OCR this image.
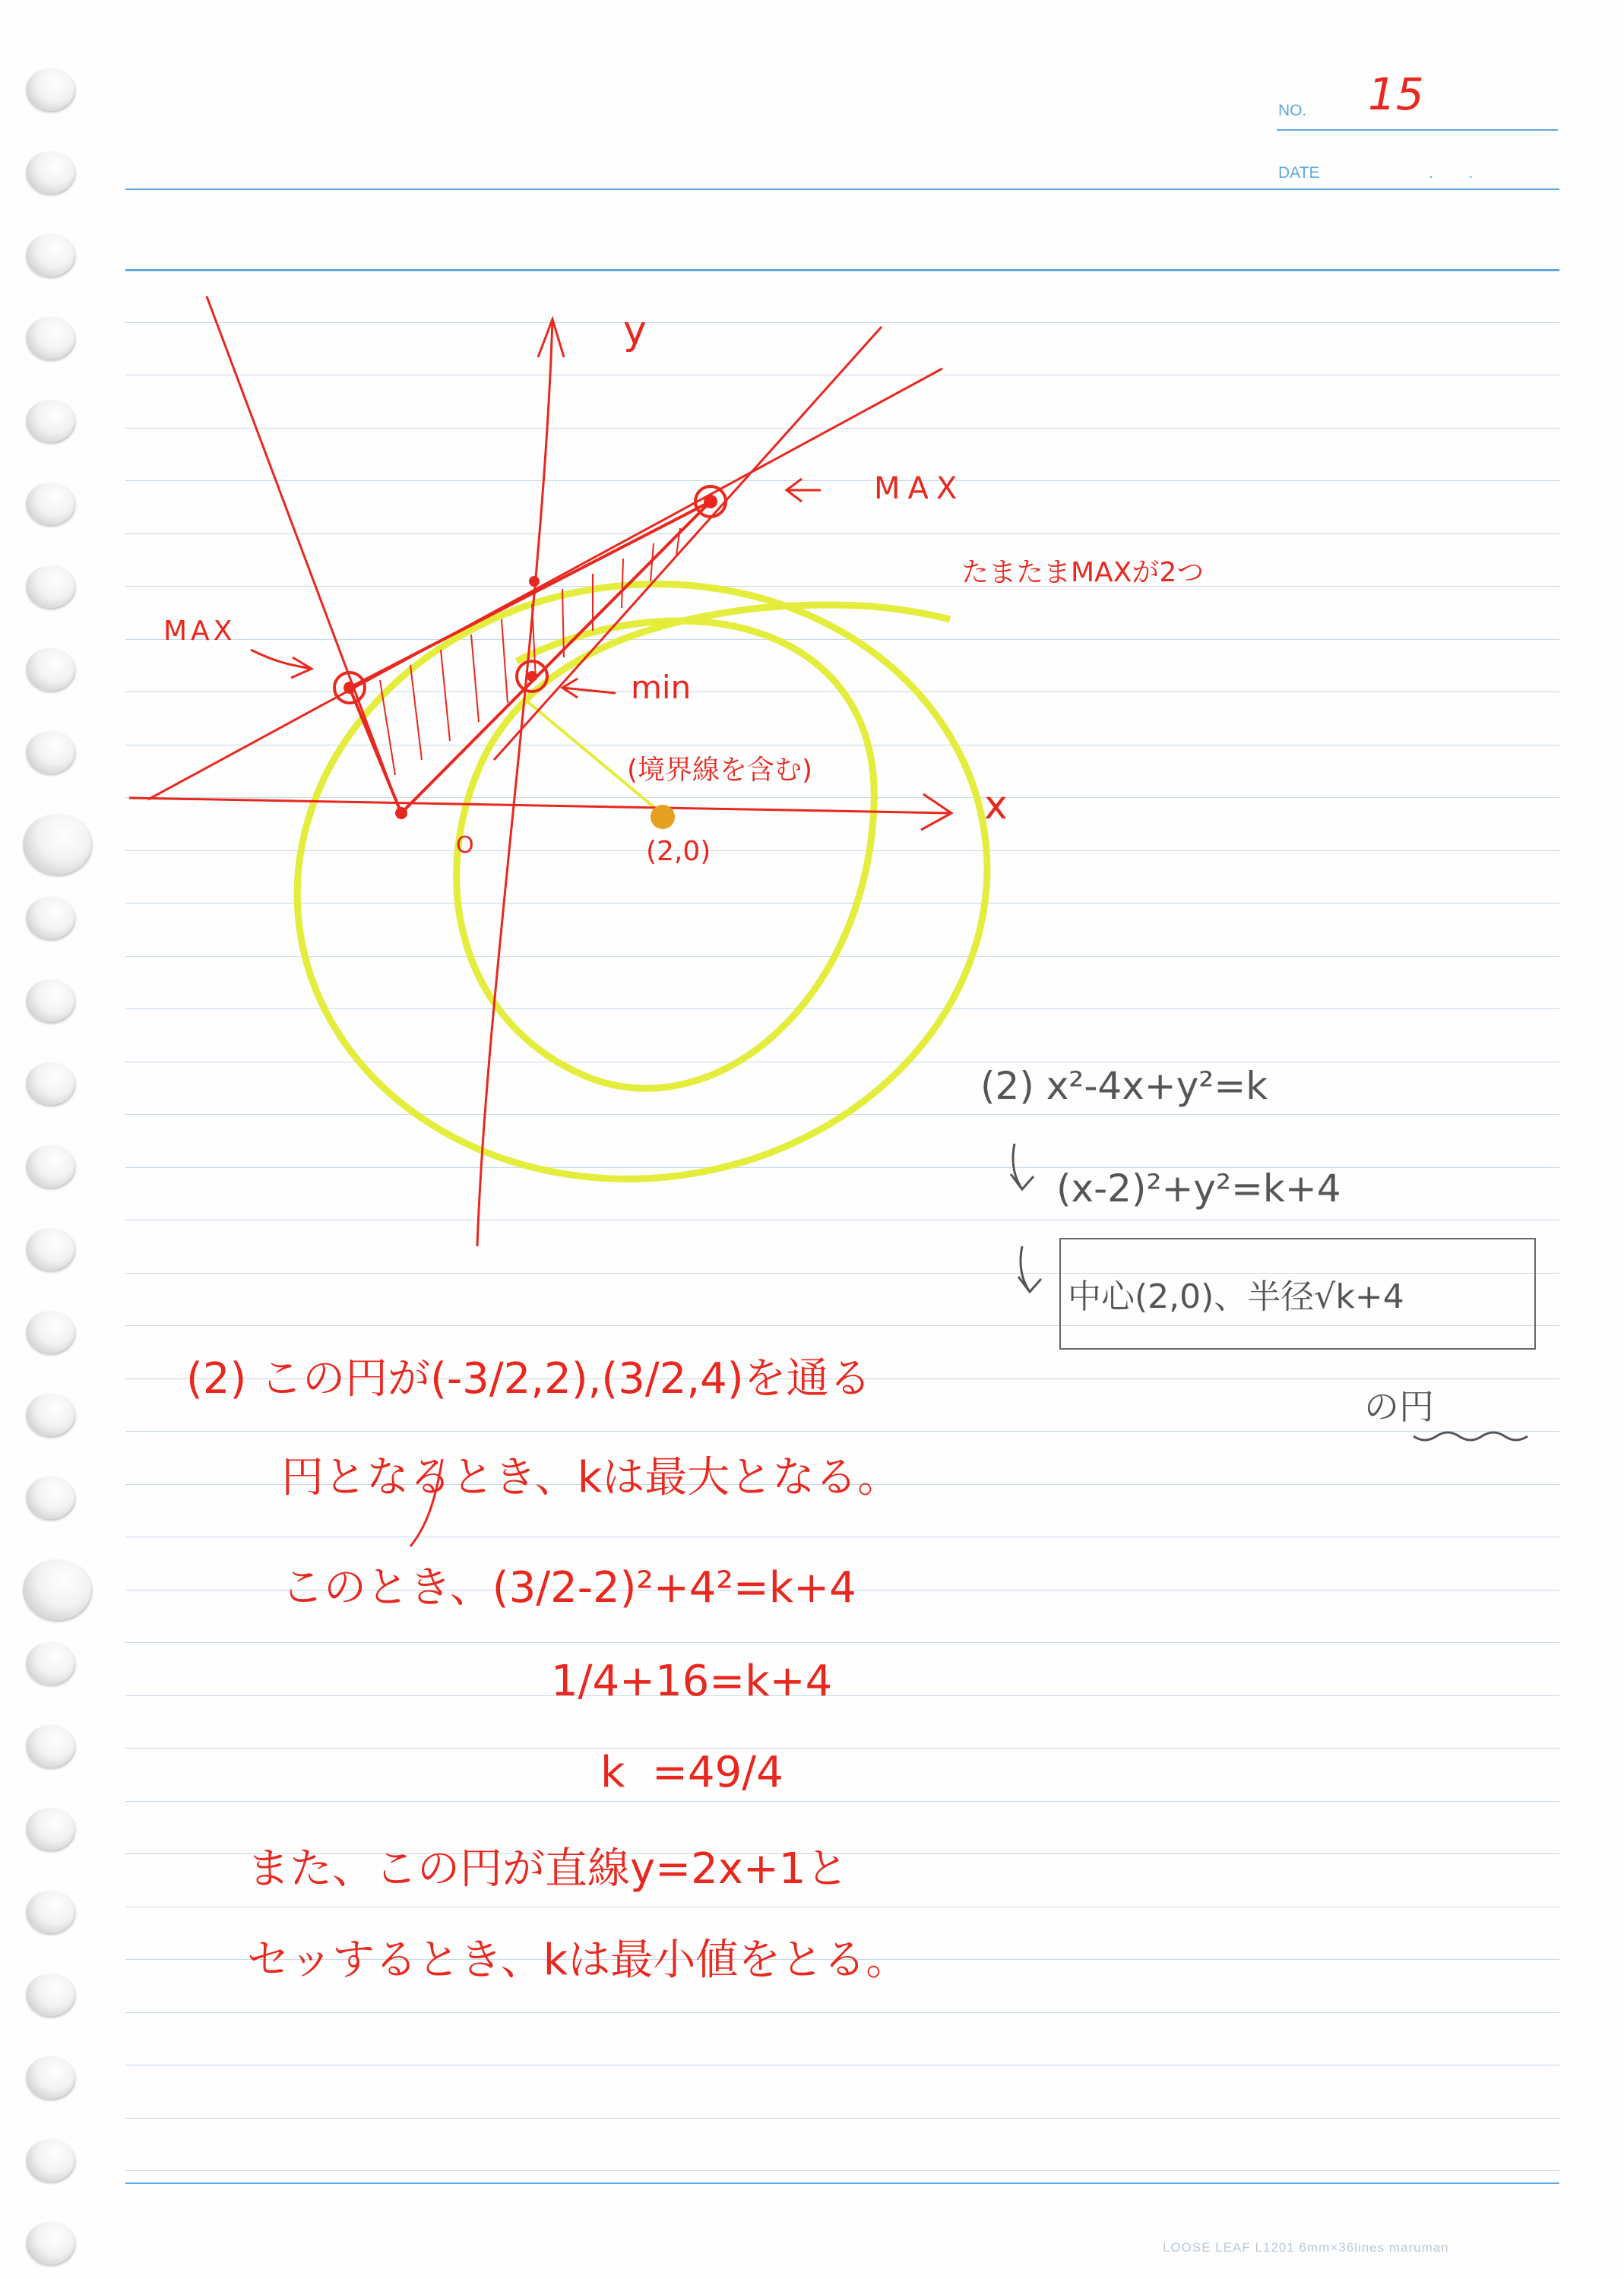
NO. 15
DATE	.        .
y
x
O	(2,0)
MAX
MAX
min
(境界線を含む)
たまたまMAXが2つ
(2) x²-4x+y²=k
(x-2)²+y²=k+4
中心(2,0)、半径√k+4
の円
(2) この円が(-3/2,2),(3/2,4)を通る
円となるとき、kは最大となる。
このとき、(3/2-2)²+4²=k+4
1/4+16=k+4
k  =49/4
また、この円が直線y=2x+1と
セッするとき、kは最小値をとる。
LOOSE LEAF L1201 6mm×36lines maruman
